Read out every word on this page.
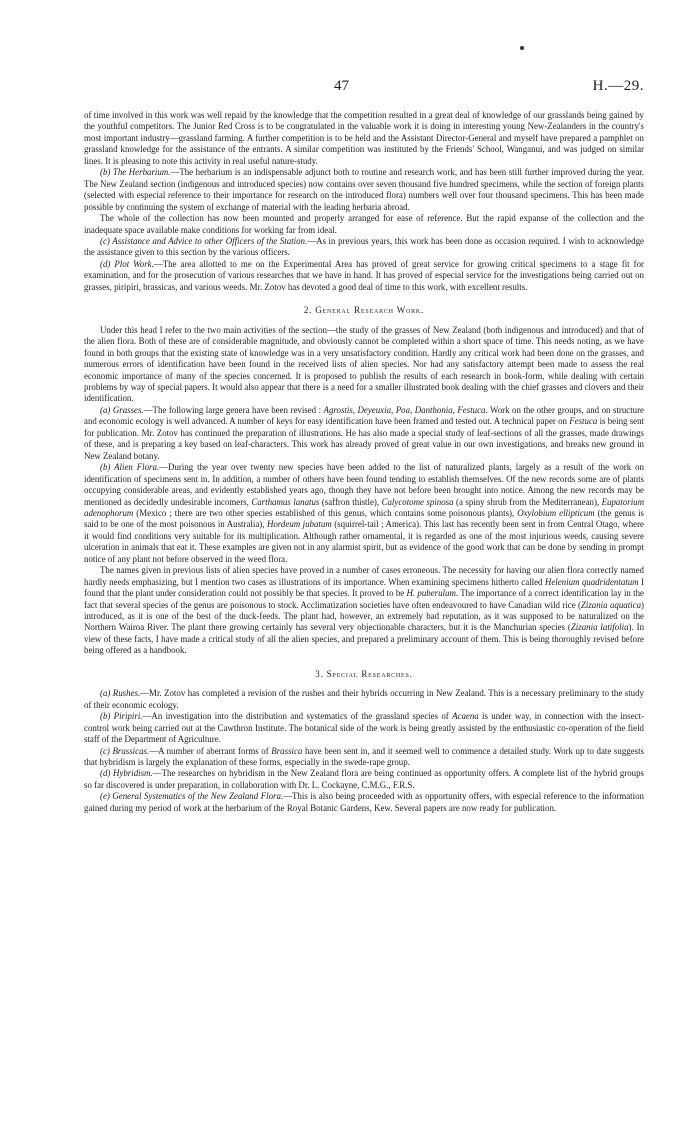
47	H.—29.

of time involved in this work was well repaid by the knowledge that the competition resulted in a great deal of knowledge of our grasslands being gained by the youthful competitors. The Junior Red Cross is to be congratulated in the valuable work it is doing in interesting young New-Zealanders in the country's most important industry—grassland farming. A further competition is to be held and the Assistant Director-General and myself have prepared a pamphlet on grassland knowledge for the assistance of the entrants. A similar competition was instituted by the Friends' School, Wanganui, and was judged on similar lines. It is pleasing to note this activity in real useful nature-study.

(b) The Herbarium.—The herbarium is an indispensable adjunct both to routine and research work, and has been still further improved during the year. The New Zealand section (indigenous and introduced species) now contains over seven thousand five hundred specimens, while the section of foreign plants (selected with especial reference to their importance for research on the introduced flora) numbers well over four thousand specimens. This has been made possible by continuing the system of exchange of material with the leading herbaria abroad.

The whole of the collection has now been mounted and properly arranged for ease of reference. But the rapid expanse of the collection and the inadequate space available make conditions for working far from ideal.

(c) Assistance and Advice to other Officers of the Station.—As in previous years, this work has been done as occasion required. I wish to acknowledge the assistance given to this section by the various officers.

(d) Plot Work.—The area allotted to me on the Experimental Area has proved of great service for growing critical specimens to a stage fit for examination, and for the prosecution of various researches that we have in hand. It has proved of especial service for the investigations being carried out on grasses, piripiri, brassicas, and various weeds. Mr. Zotov has devoted a good deal of time to this work, with excellent results.

2. General Research Work.

Under this head I refer to the two main activities of the section—the study of the grasses of New Zealand (both indigenous and introduced) and that of the alien flora. Both of these are of considerable magnitude, and obviously cannot be completed within a short space of time. This needs noting, as we have found in both groups that the existing state of knowledge was in a very unsatisfactory condition. Hardly any critical work had been done on the grasses, and numerous errors of identification have been found in the received lists of alien species. Nor had any satisfactory attempt been made to assess the real economic importance of many of the species concerned. It is proposed to publish the results of each research in book-form, while dealing with certain problems by way of special papers. It would also appear that there is a need for a smaller illustrated book dealing with the chief grasses and clovers and their identification.

(a) Grasses.—The following large genera have been revised : Agrostis, Deyeuxia, Poa, Danthonia, Festuca. Work on the other groups, and on structure and economic ecology is well advanced. A number of keys for easy identification have been framed and tested out. A technical paper on Festuca is being sent for publication. Mr. Zotov has continued the preparation of illustrations. He has also made a special study of leaf-sections of all the grasses, made drawings of these, and is preparing a key based on leaf-characters. This work has already proved of great value in our own investigations, and breaks new ground in New Zealand botany.

(b) Alien Flora.—During the year over twenty new species have been added to the list of naturalized plants, largely as a result of the work on identification of specimens sent in. In addition, a number of others have been found tending to establish themselves. Of the new records some are of plants occupying considerable areas, and evidently established years ago, though they have not before been brought into notice. Among the new records may be mentioned as decidedly undesirable incomers, Carthamus lanatus (saffron thistle), Calycotome spinosa (a spiny shrub from the Mediterranean), Eupatorium adenophorum (Mexico ; there are two other species established of this genus, which contains some poisonous plants), Oxylobium ellipticum (the genus is said to be one of the most poisonous in Australia), Hordeum jubatum (squirrel-tail ; America). This last has recently been sent in from Central Otago, where it would find conditions very suitable for its multiplication. Although rather ornamental, it is regarded as one of the most injurious weeds, causing severe ulceration in animals that eat it. These examples are given not in any alarmist spirit, but as evidence of the good work that can be done by sending in prompt notice of any plant not before observed in the weed flora.

The names given in previous lists of alien species have proved in a number of cases erroneous. The necessity for having our alien flora correctly named hardly needs emphasizing, but I mention two cases as illustrations of its importance. When examining specimens hitherto called Helenium quadridentatum I found that the plant under consideration could not possibly be that species. It proved to be H. puberulum. The importance of a correct identification lay in the fact that several species of the genus are poisonous to stock. Acclimatization societies have often endeavoured to have Canadian wild rice (Zizania aquatica) introduced, as it is one of the best of the duck-feeds. The plant had, however, an extremely bad reputation, as it was supposed to be naturalized on the Northern Wairoa River. The plant there growing certainly has several very objectionable characters, but it is the Manchurian species (Zizania latifolia). In view of these facts, I have made a critical study of all the alien species, and prepared a preliminary account of them. This is being thoroughly revised before being offered as a handbook.

3. Special Researches.

(a) Rushes.—Mr. Zotov has completed a revision of the rushes and their hybrids occurring in New Zealand. This is a necessary preliminary to the study of their economic ecology.

(b) Piripiri.—An investigation into the distribution and systematics of the grassland species of Acaena is under way, in connection with the insect-control work being carried out at the Cawthron Institute. The botanical side of the work is being greatly assisted by the enthusiastic co-operation of the field staff of the Department of Agriculture.

(c) Brassicas.—A number of aberrant forms of Brassica have been sent in, and it seemed well to commence a detailed study. Work up to date suggests that hybridism is largely the explanation of these forms, especially in the swede-rape group.

(d) Hybridism.—The researches on hybridism in the New Zealand flora are being continued as opportunity offers. A complete list of the hybrid groups so far discovered is under preparation, in collaboration with Dr. L. Cockayne, C.M.G., F.R.S.

(e) General Systematics of the New Zealand Flora.—This is also being proceeded with as opportunity offers, with especial reference to the information gained during my period of work at the herbarium of the Royal Botanic Gardens, Kew. Several papers are now ready for publication.
